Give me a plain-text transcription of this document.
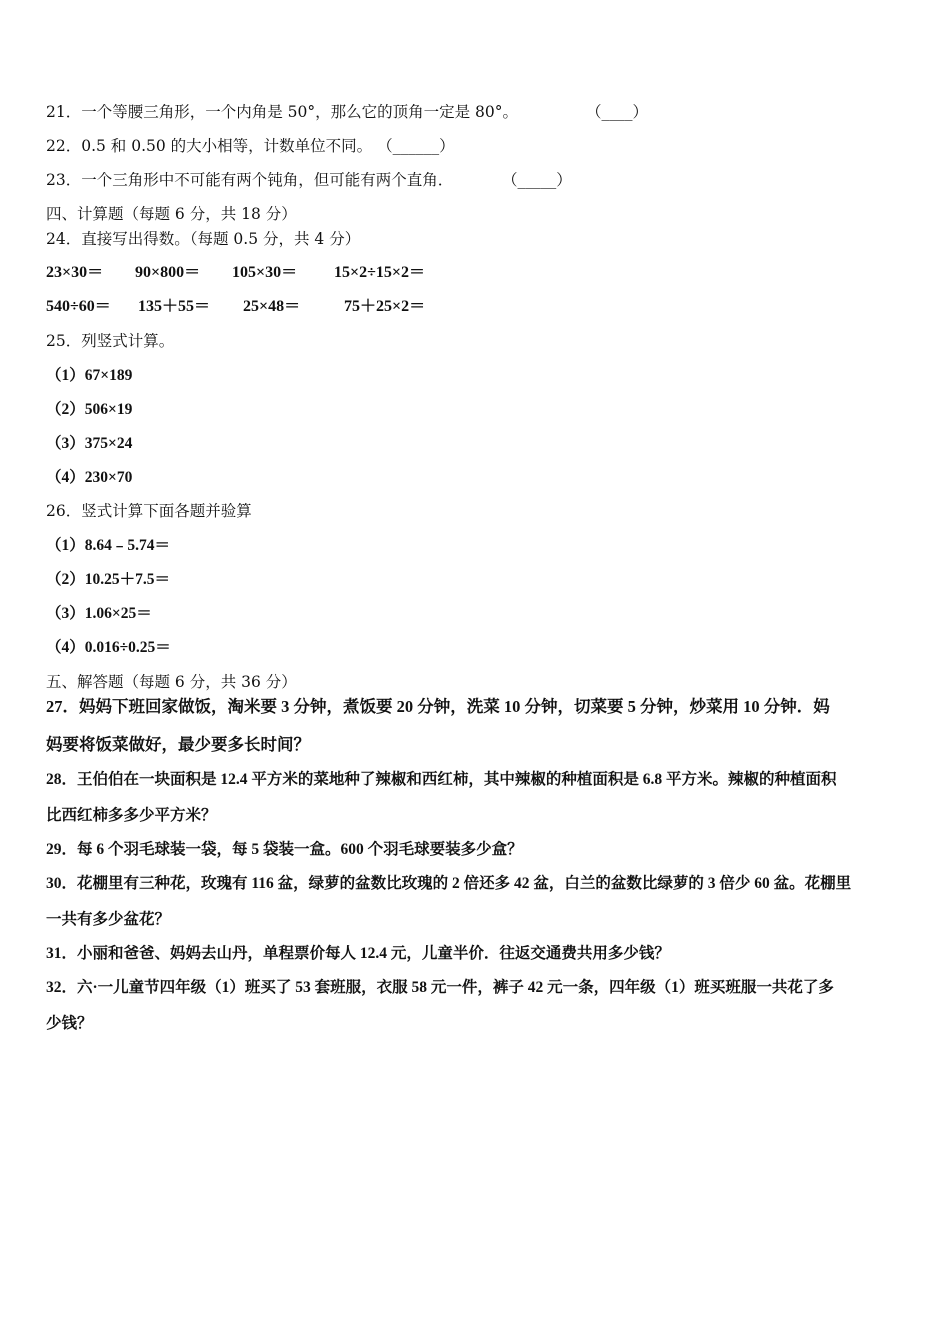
21．一个等腰三角形，一个内角是 50°，那么它的顶角一定是 80°。	（____）
22．0.5 和 0.50 的大小相等，计数单位不同。 （______）
23．一个三角形中不可能有两个钝角，但可能有两个直角．	（_____）
四、计算题（每题 6 分，共 18 分）
24．直接写出得数。（每题 0.5 分，共 4 分）
23×30＝ 90×800＝ 105×30＝ 15×2÷15×2＝
540÷60＝ 135＋55＝ 25×48＝	75＋25×2＝
25．列竖式计算。
（1）67×189
（2）506×19
（3）375×24
（4）230×70
26．竖式计算下面各题并验算
（1）8.64﹣5.74＝
（2）10.25＋7.5＝
（3）1.06×25＝
（4）0.016÷0.25＝
五、解答题（每题 6 分，共 36 分）
27．妈妈下班回家做饭，淘米要 3 分钟，煮饭要 20 分钟，洗菜 10 分钟，切菜要 5 分钟，炒菜用 10 分钟．妈
妈要将饭菜做好，最少要多长时间？
28．王伯伯在一块面积是 12.4 平方米的菜地种了辣椒和西红柿，其中辣椒的种植面积是 6.8 平方米。辣椒的种植面积
比西红柿多多少平方米？
29．每 6 个羽毛球装一袋，每 5 袋装一盒。600 个羽毛球要装多少盒？
30．花棚里有三种花，玫瑰有 116 盆，绿萝的盆数比玫瑰的 2 倍还多 42 盆，白兰的盆数比绿萝的 3 倍少 60 盆。花棚里
一共有多少盆花？
31．小丽和爸爸、妈妈去山丹，单程票价每人 12.4 元，儿童半价．往返交通费共用多少钱？
32．六·一儿童节四年级（1）班买了 53 套班服，衣服 58 元一件，裤子 42 元一条，四年级（1）班买班服一共花了多
少钱？
